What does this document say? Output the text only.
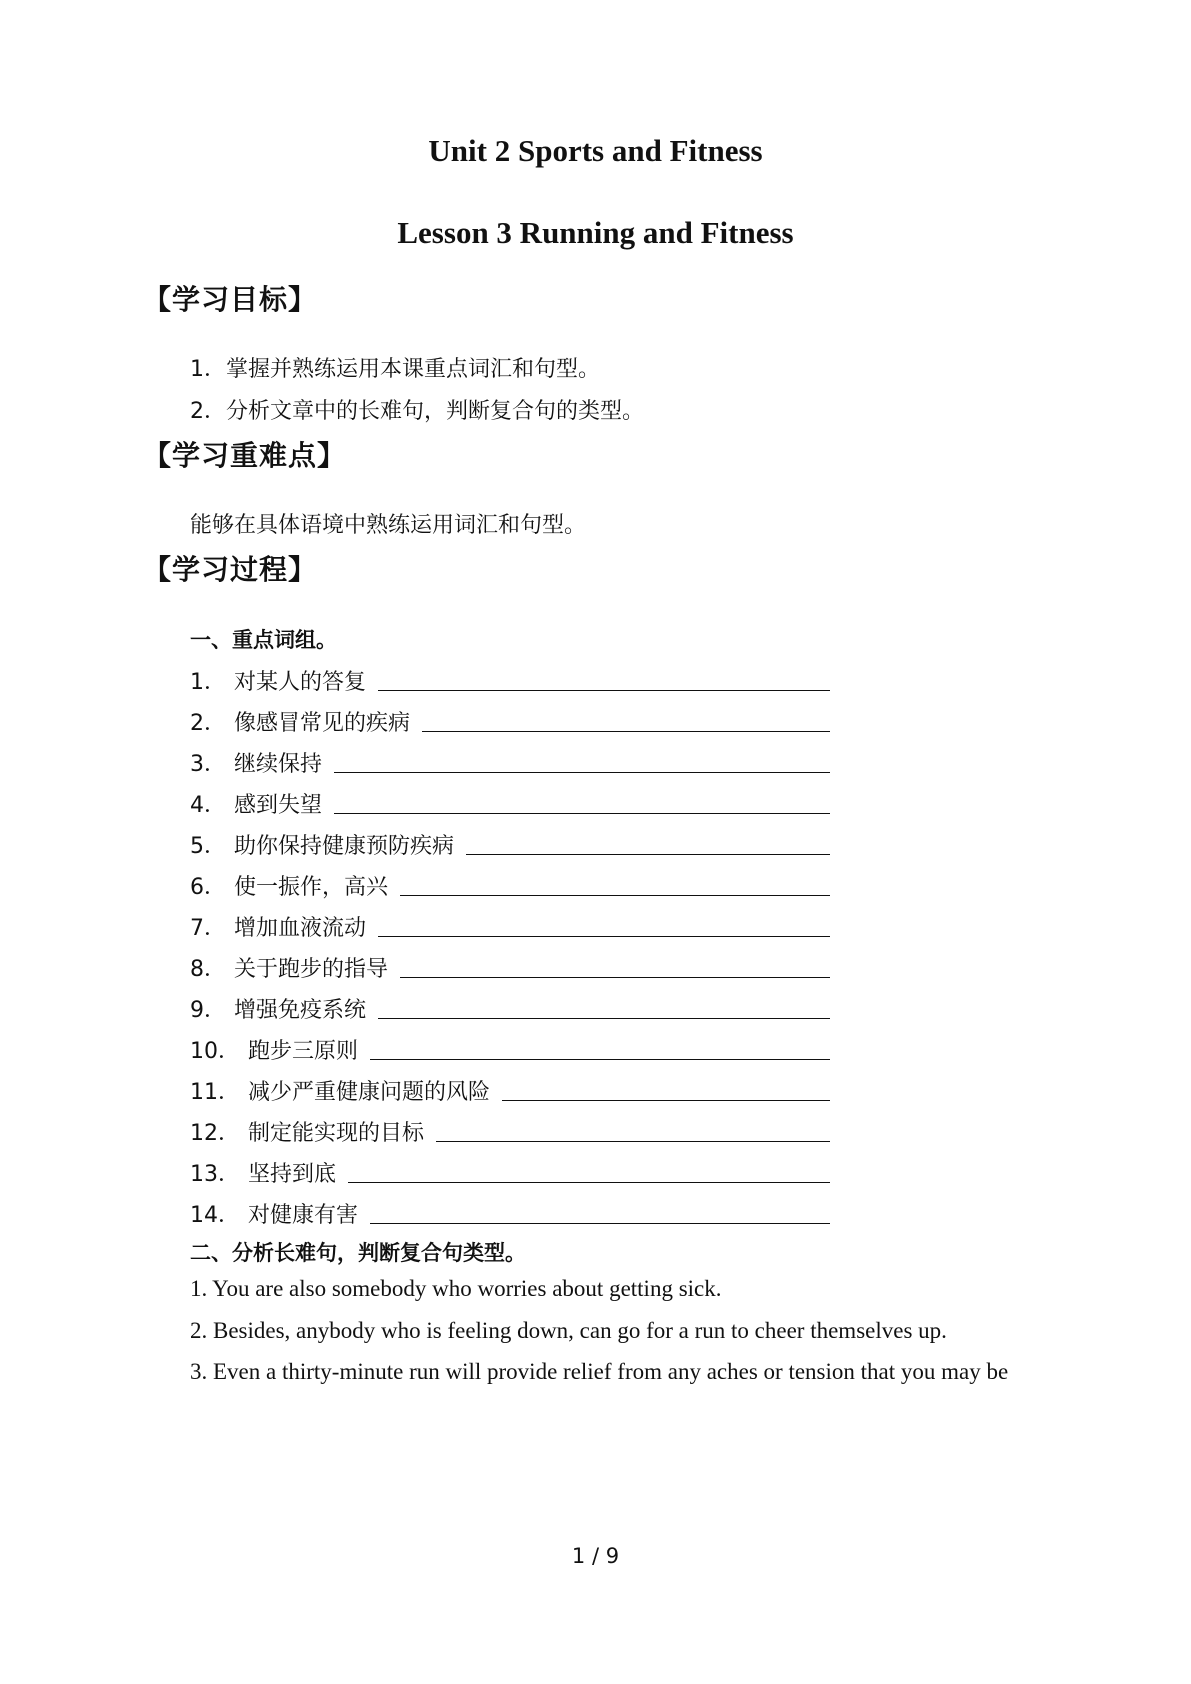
Unit 2 Sports and Fitness
Lesson 3 Running and Fitness
【学习目标】
1．掌握并熟练运用本课重点词汇和句型。
2．分析文章中的长难句，判断复合句的类型。
【学习重难点】
能够在具体语境中熟练运用词汇和句型。
【学习过程】
一、重点词组。
1． 对某人的答复
2． 像感冒常见的疾病
3． 继续保持
4． 感到失望
5． 助你保持健康预防疾病
6． 使一振作，高兴
7． 增加血液流动
8． 关于跑步的指导
9． 增强免疫系统
10． 跑步三原则
11． 减少严重健康问题的风险
12． 制定能实现的目标
13． 坚持到底
14． 对健康有害
二、分析长难句，判断复合句类型。
1. You are also somebody who worries about getting sick.
2. Besides, anybody who is feeling down, can go for a run to cheer themselves up.
3. Even a thirty-minute run will provide relief from any aches or tension that you may be
1 / 9
